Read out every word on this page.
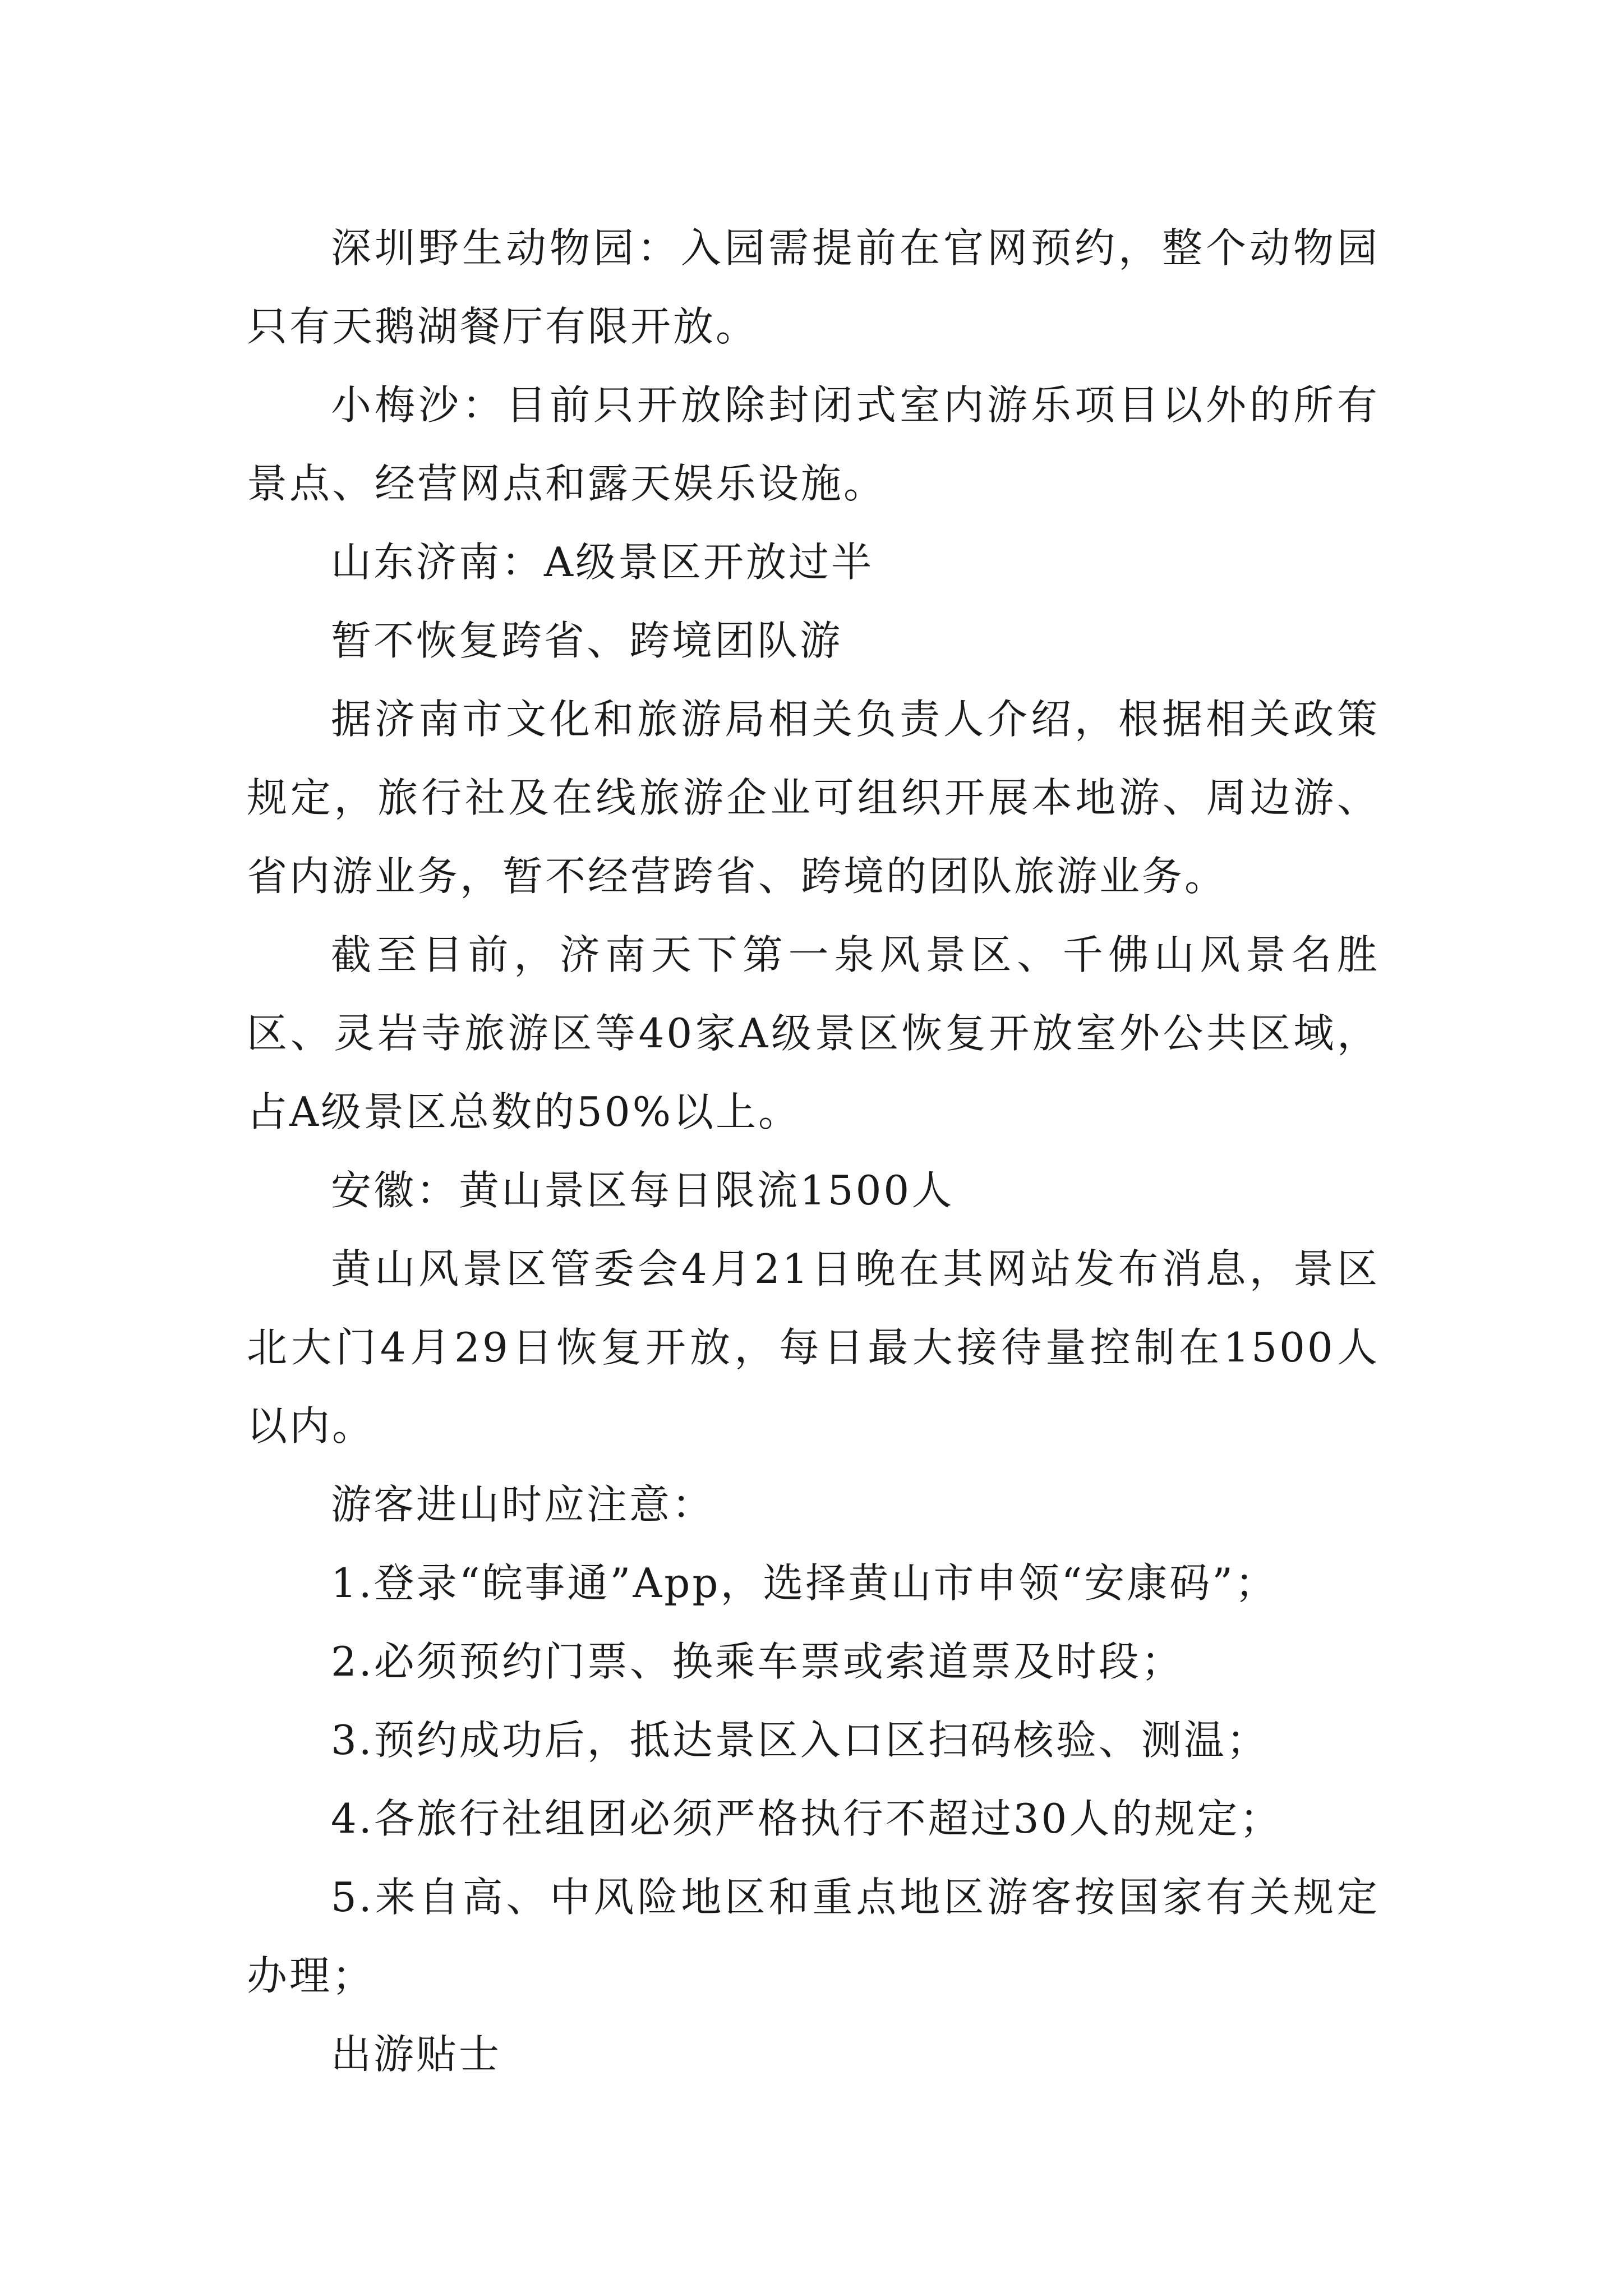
深圳野生动物园：入园需提前在官网预约，整个动物园只有天鹅湖餐厅有限开放。

小梅沙：目前只开放除封闭式室内游乐项目以外的所有景点、经营网点和露天娱乐设施。

山东济南：A级景区开放过半

暂不恢复跨省、跨境团队游

据济南市文化和旅游局相关负责人介绍，根据相关政策规定，旅行社及在线旅游企业可组织开展本地游、周边游、省内游业务，暂不经营跨省、跨境的团队旅游业务。

截至目前，济南天下第一泉风景区、千佛山风景名胜区、灵岩寺旅游区等40家A级景区恢复开放室外公共区域，占A级景区总数的50%以上。

安徽：黄山景区每日限流1500人

黄山风景区管委会4月21日晚在其网站发布消息，景区北大门4月29日恢复开放，每日最大接待量控制在1500人以内。

游客进山时应注意：

1.登录“皖事通”App，选择黄山市申领“安康码”；

2.必须预约门票、换乘车票或索道票及时段；

3.预约成功后，抵达景区入口区扫码核验、测温；

4.各旅行社组团必须严格执行不超过30人的规定；

5.来自高、中风险地区和重点地区游客按国家有关规定办理；

出游贴士
